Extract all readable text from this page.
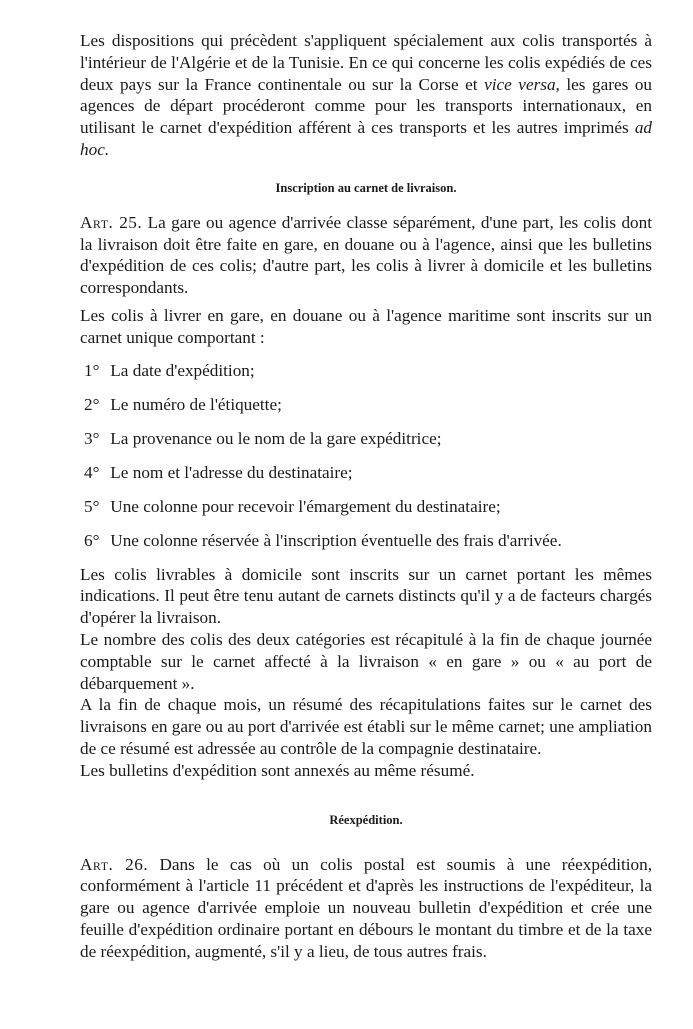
Les dispositions qui précèdent s'appliquent spécialement aux colis transportés à l'intérieur de l'Algérie et de la Tunisie. En ce qui concerne les colis expédiés de ces deux pays sur la France continentale ou sur la Corse et vice versa, les gares ou agences de départ procéderont comme pour les transports internationaux, en utilisant le carnet d'expédition afférent à ces transports et les autres imprimés ad hoc.

Inscription au carnet de livraison.

Art. 25. La gare ou agence d'arrivée classe séparément, d'une part, les colis dont la livraison doit être faite en gare, en douane ou à l'agence, ainsi que les bulletins d'expédition de ces colis; d'autre part, les colis à livrer à domicile et les bulletins correspondants.

Les colis à livrer en gare, en douane ou à l'agence maritime sont inscrits sur un carnet unique comportant :

1° La date d'expédition;
2° Le numéro de l'étiquette;
3° La provenance ou le nom de la gare expéditrice;
4° Le nom et l'adresse du destinataire;
5° Une colonne pour recevoir l'émargement du destinataire;
6° Une colonne réservée à l'inscription éventuelle des frais d'arrivée.

Les colis livrables à domicile sont inscrits sur un carnet portant les mêmes indications. Il peut être tenu autant de carnets distincts qu'il y a de facteurs chargés d'opérer la livraison.

Le nombre des colis des deux catégories est récapitulé à la fin de chaque journée comptable sur le carnet affecté à la livraison « en gare » ou « au port de débarquement ».

A la fin de chaque mois, un résumé des récapitulations faites sur le carnet des livraisons en gare ou au port d'arrivée est établi sur le même carnet; une ampliation de ce résumé est adressée au contrôle de la compagnie destinataire.

Les bulletins d'expédition sont annexés au même résumé.

Réexpédition.

Art. 26. Dans le cas où un colis postal est soumis à une réexpédition, conformément à l'article 11 précédent et d'après les instructions de l'expéditeur, la gare ou agence d'arrivée emploie un nouveau bulletin d'expédition et crée une feuille d'expédition ordinaire portant en débours le montant du timbre et de la taxe de réexpédition, augmenté, s'il y a lieu, de tous autres frais.
